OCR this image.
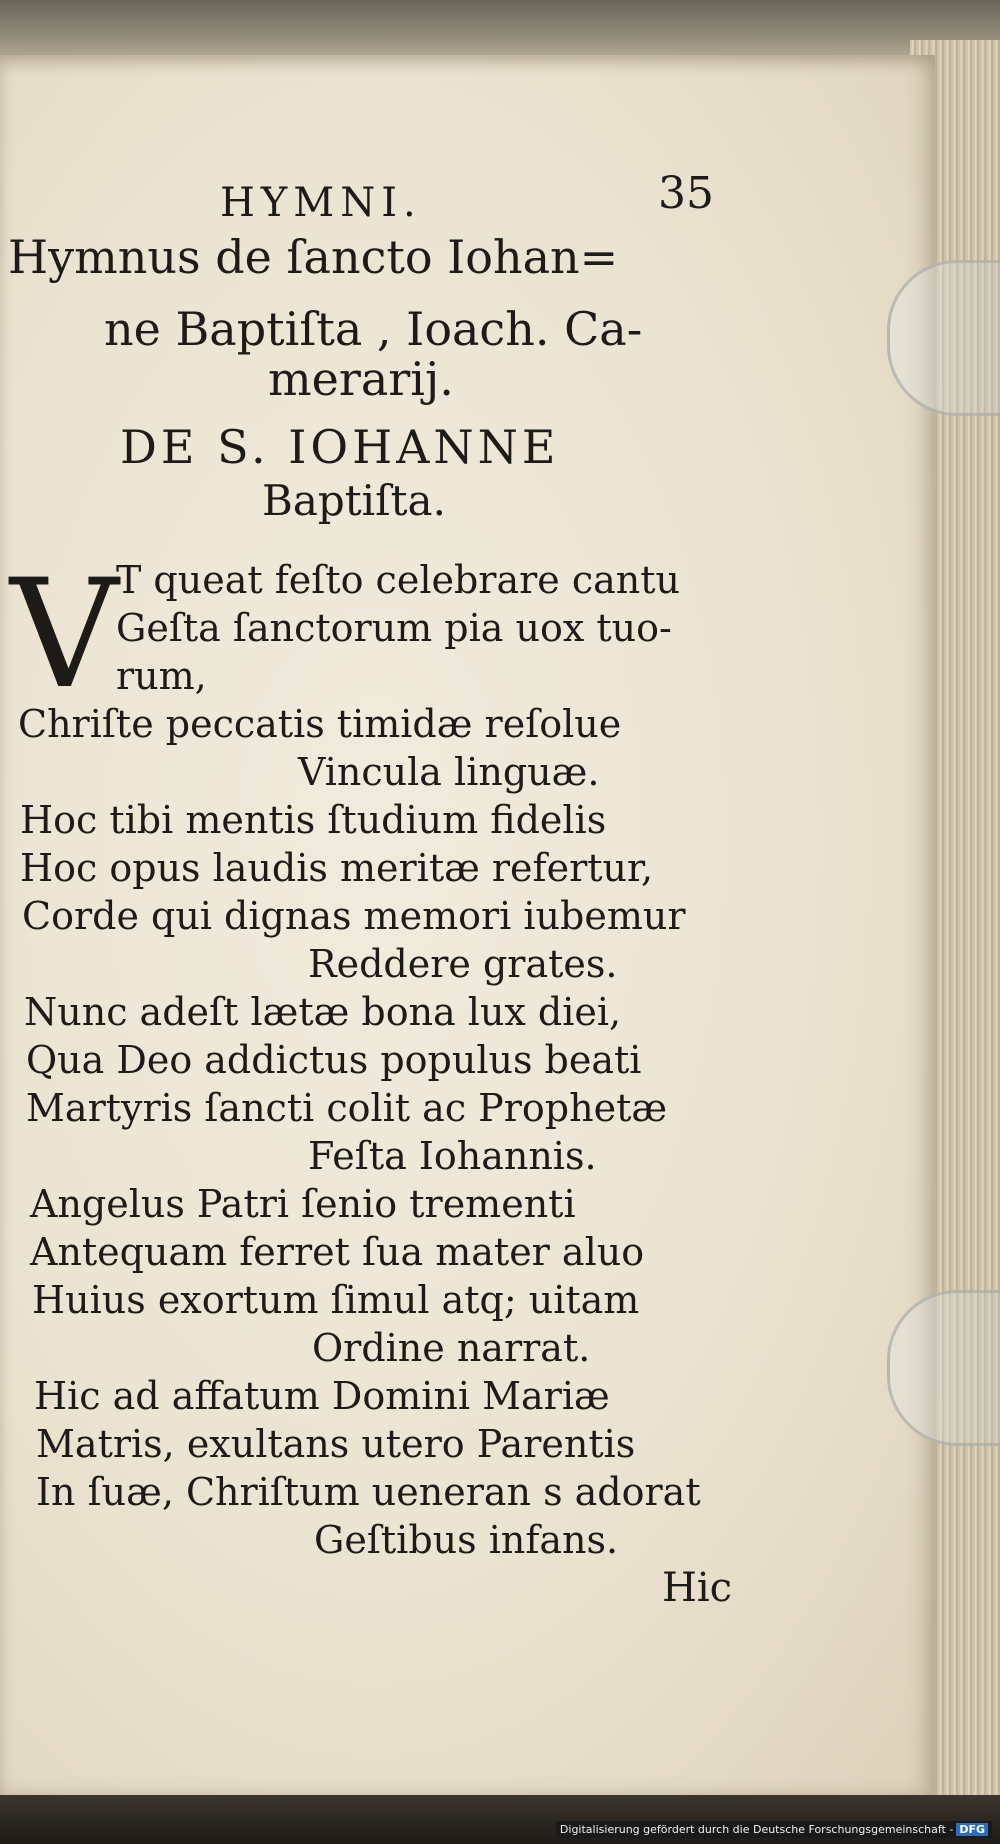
HYMNI.	35
Hymnus de ſancto Iohan=
ne Baptiſta , Ioach. Ca-
merarij.
DE S. IOHANNE
Baptiſta.
V
T queat feſto celebrare cantu
Geſta ſanctorum pia uox tuo-
rum,
Chriſte peccatis timidæ reſolue
Vincula linguæ.
Hoc tibi mentis ſtudium fidelis
Hoc opus laudis meritæ refertur,
Corde qui dignas memori iubemur
Reddere grates.
Nunc adeſt lætæ bona lux diei,
Qua Deo addictus populus beati
Martyris ſancti colit ac Prophetæ
Feſta Iohannis.
Angelus Patri ſenio trementi
Antequam ferret ſua mater aluo
Huius exortum ſimul atq; uitam
Ordine narrat.
Hic ad affatum Domini Mariæ
Matris, exultans utero Parentis
In ſuæ, Chriſtum ueneran s adorat
Geſtibus infans.
Hic
Digitalisierung gefördert durch die Deutsche Forschungsgemeinschaft - DFG
